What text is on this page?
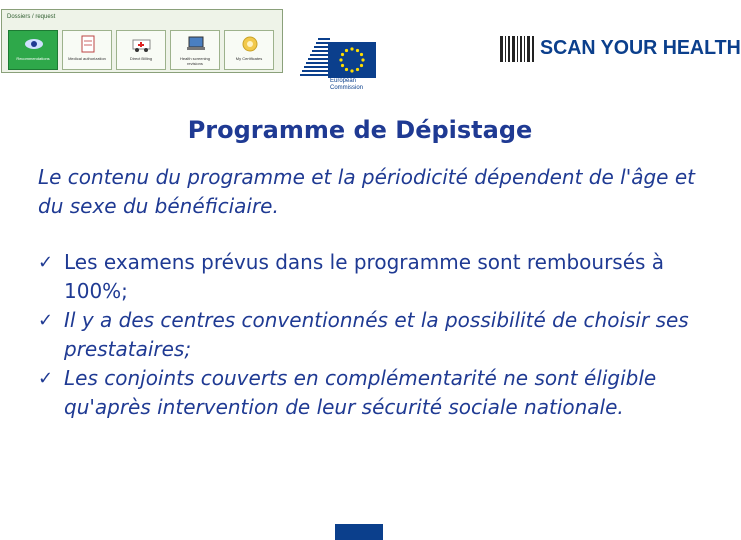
Dossiers / request
Recommendations	Medical authorization	Direct Billing	Health screening revisions
My Certificates
European
Commission
SCAN YOUR HEALTH
Programme de Dépistage
Le contenu du programme et la périodicité dépendent de l'âge et du sexe du bénéficiaire.
✓ Les examens prévus dans le programme sont remboursés à 100%;
✓ Il y a des centres conventionnés et la possibilité de choisir ses prestataires;
✓ Les conjoints couverts en complémentarité ne sont éligible qu'après intervention de leur sécurité sociale nationale.
